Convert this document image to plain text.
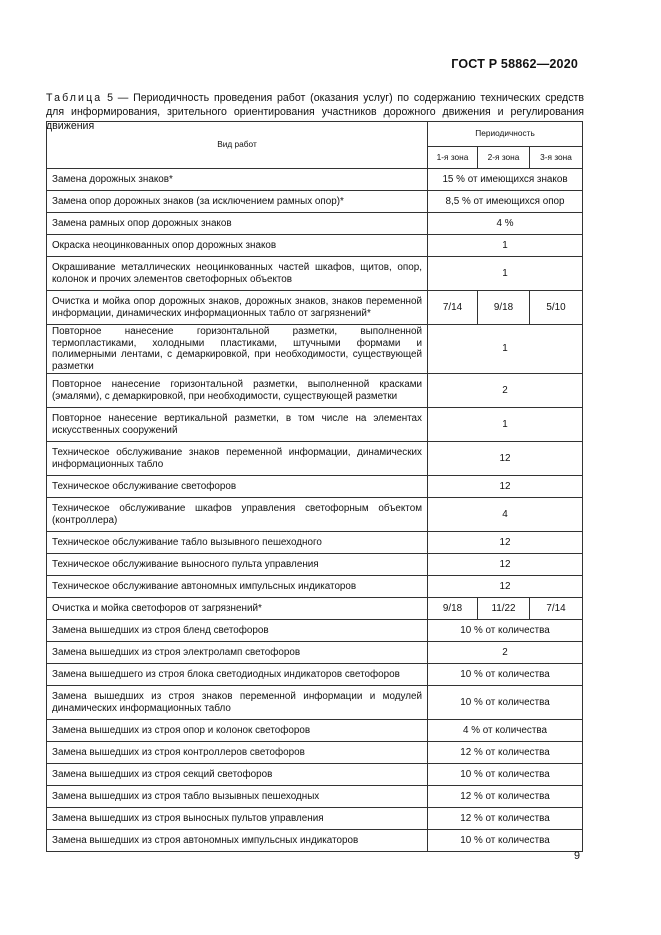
ГОСТ Р 58862—2020
Таблица 5 — Периодичность проведения работ (оказания услуг) по содержанию технических средств для информирования, зрительного ориентирования участников дорожного движения и регулирования движения
Вид работ	Периодичность		
	1-я зона	2-я зона	3-я зона
Замена дорожных знаков*	15 % от имеющихся знаков		
Замена опор дорожных знаков (за исключением рамных опор)*	8,5 % от имеющихся опор		
Замена рамных опор дорожных знаков	4 %		
Окраска неоцинкованных опор дорожных знаков	1		
Окрашивание металлических неоцинкованных частей шкафов, щитов, опор, колонок и прочих элементов светофорных объектов	1		
Очистка и мойка опор дорожных знаков, дорожных знаков, знаков переменной информации, динамических информационных табло от загрязнений*	7/14	9/18	5/10
Повторное нанесение горизонтальной разметки, выполненной термопластиками, холодными пластиками, штучными формами и полимерными лентами, с демаркировкой, при необходимости, существующей разметки	1		
Повторное нанесение горизонтальной разметки, выполненной красками (эмалями), с демаркировкой, при необходимости, существующей разметки	2		
Повторное нанесение вертикальной разметки, в том числе на элементах искусственных сооружений	1		
Техническое обслуживание знаков переменной информации, динамических информационных табло	12		
Техническое обслуживание светофоров	12		
Техническое обслуживание шкафов управления светофорным объектом (контроллера)	4		
Техническое обслуживание табло вызывного пешеходного	12		
Техническое обслуживание выносного пульта управления	12		
Техническое обслуживание автономных импульсных индикаторов	12		
Очистка и мойка светофоров от загрязнений*	9/18	11/22	7/14
Замена вышедших из строя бленд светофоров	10 % от количества		
Замена вышедших из строя электроламп светофоров	2		
Замена вышедшего из строя блока светодиодных индикаторов светофоров	10 % от количества		
Замена вышедших из строя знаков переменной информации и модулей динамических информационных табло	10 % от количества		
Замена вышедших из строя опор и колонок светофоров	4 % от количества		
Замена вышедших из строя контроллеров светофоров	12 % от количества		
Замена вышедших из строя секций светофоров	10 % от количества		
Замена вышедших из строя табло вызывных пешеходных	12 % от количества		
Замена вышедших из строя выносных пультов управления	12 % от количества		
Замена вышедших из строя автономных импульсных индикаторов	10 % от количества		
9
